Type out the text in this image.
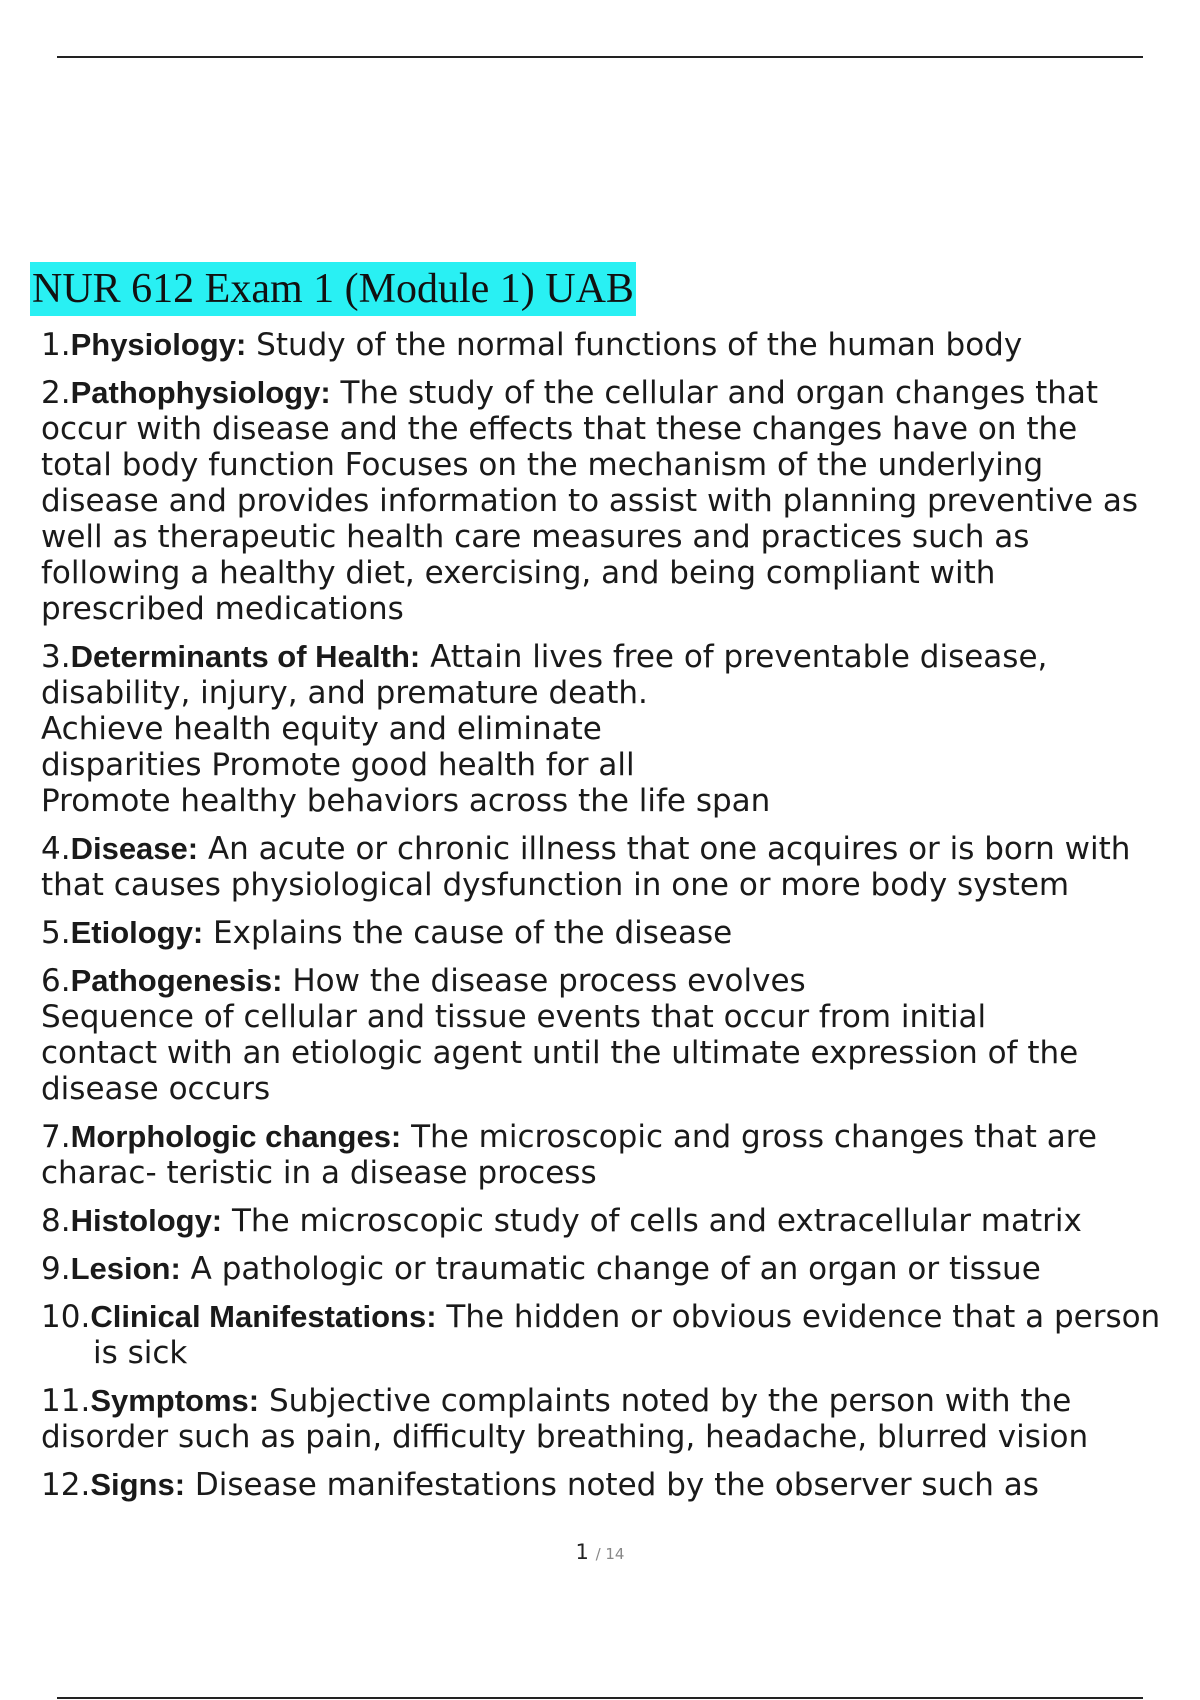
NUR 612 Exam 1 (Module 1) UAB
1.Physiology: Study of the normal functions of the human body
2.Pathophysiology: The study of the cellular and organ changes that
occur with disease and the effects that these changes have on the
total body function Focuses on the mechanism of the underlying
disease and provides information to assist with planning preventive as
well as therapeutic health care measures and practices such as
following a healthy diet, exercising, and being compliant with
prescribed medications
3.Determinants of Health: Attain lives free of preventable disease,
disability, injury, and premature death.
Achieve health equity and eliminate
disparities Promote good health for all
Promote healthy behaviors across the life span
4.Disease: An acute or chronic illness that one acquires or is born with
that causes physiological dysfunction in one or more body system
5.Etiology: Explains the cause of the disease
6.Pathogenesis: How the disease process evolves
Sequence of cellular and tissue events that occur from initial
contact with an etiologic agent until the ultimate expression of the
disease occurs
7.Morphologic changes: The microscopic and gross changes that are
charac- teristic in a disease process
8.Histology: The microscopic study of cells and extracellular matrix
9.Lesion: A pathologic or traumatic change of an organ or tissue
10.Clinical Manifestations: The hidden or obvious evidence that a person
is sick
11.Symptoms: Subjective complaints noted by the person with the
disorder such as pain, difficulty breathing, headache, blurred vision
12.Signs: Disease manifestations noted by the observer such as
1 / 14
